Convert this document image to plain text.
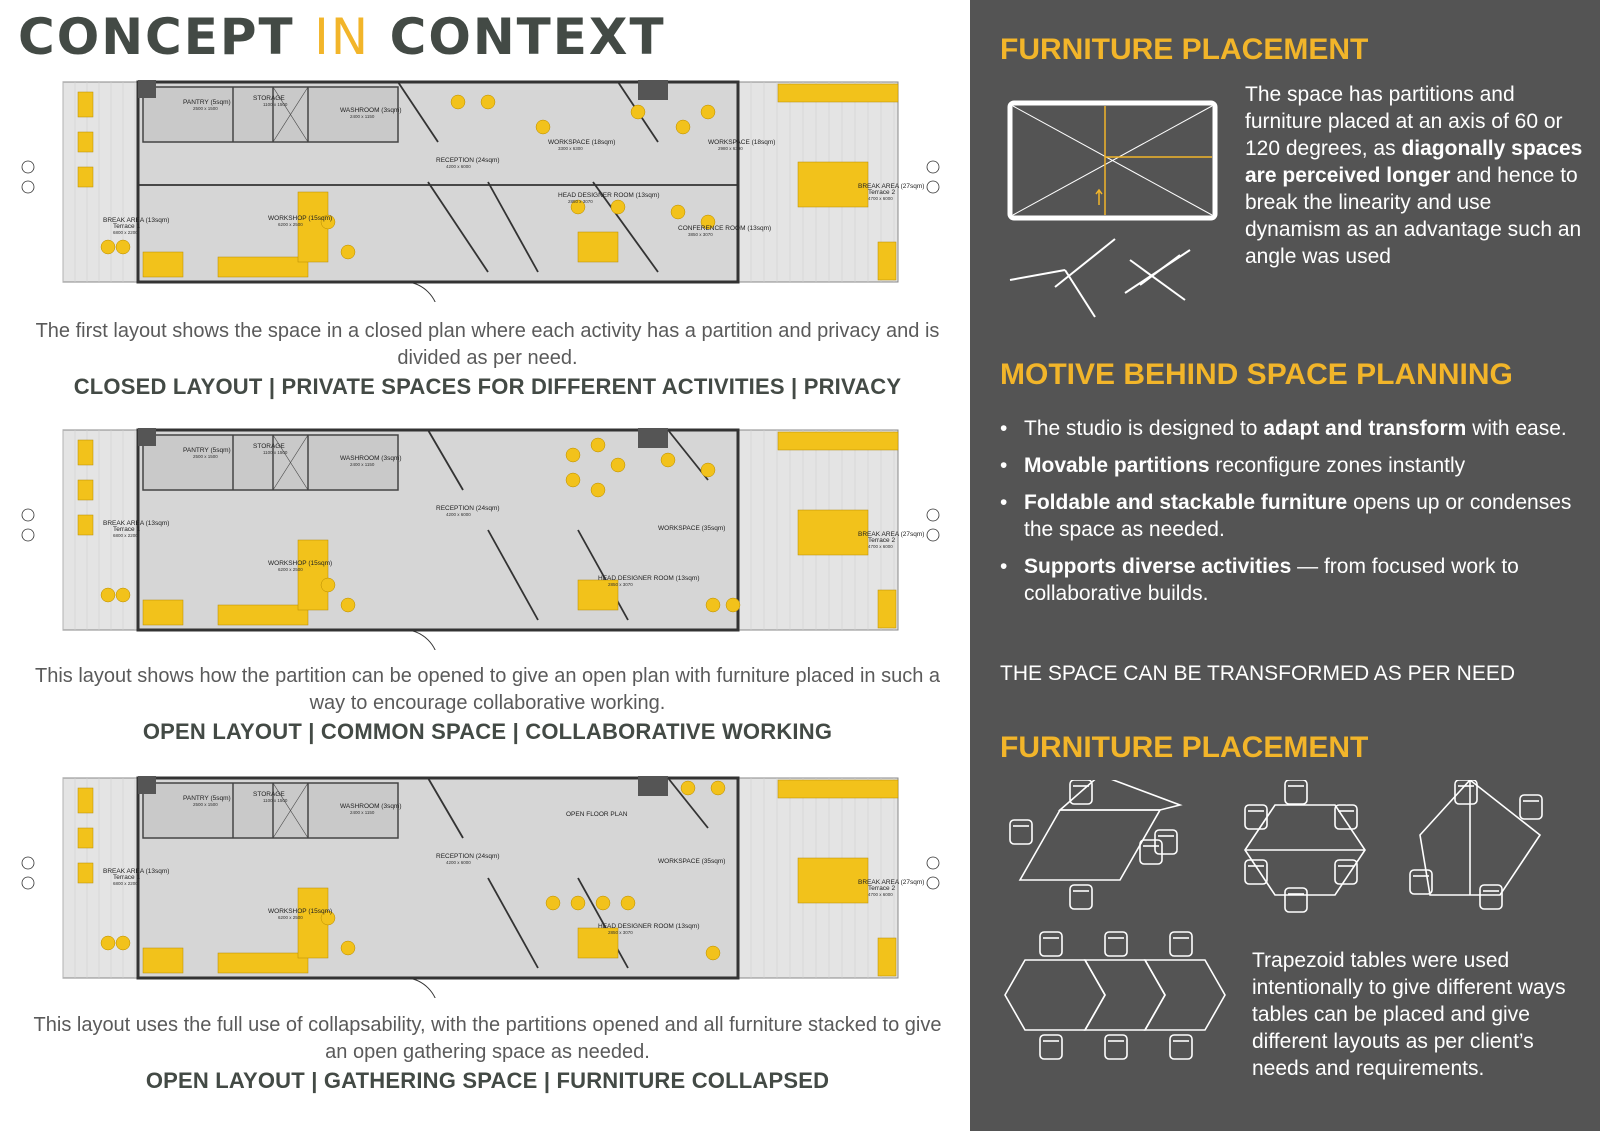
CONCEPT IN CONTEXT
PANTRY (5sqm)
2500 x 1500
STORAGE
1100 x 1500
WASHROOM (3sqm)
2400 x 1150
RECEPTION (24sqm)
4200 x 6000
WORKSPACE (18sqm)
3300 x 6300
WORKSPACE (18sqm)
2980 x 6300
HEAD DESIGNER ROOM (13sqm)
2850 x 3070
CONFERENCE ROOM (13sqm)
3850 x 3070
WORKSHOP (15sqm)
6200 x 2500
BREAK AREA (13sqm)
Terrace 1
6800 x 2200
BREAK AREA (27sqm)
Terrace 2
4700 x 6000

The first layout shows the space in a closed plan where each activity has a partition and privacy and is divided as per need.

CLOSED LAYOUT | PRIVATE SPACES FOR DIFFERENT ACTIVITIES | PRIVACY

PANTRY (5sqm)
2500 x 1500
STORAGE
1100 x 1500
WASHROOM (3sqm)
2400 x 1150
RECEPTION (24sqm)
4200 x 6000
WORKSPACE (35sqm)
HEAD DESIGNER ROOM (13sqm)
2850 x 3070
WORKSHOP (15sqm)
6200 x 2500
BREAK AREA (13sqm)
Terrace 1
6800 x 2200	BREAK AREA (27sqm)
Terrace 2
4700 x 6000

This layout shows how the partition can be opened to give an open plan with furniture placed in such a way to encourage collaborative working.

OPEN LAYOUT | COMMON SPACE | COLLABORATIVE WORKING

PANTRY (5sqm)
2500 x 1500
STORAGE
1100 x 1500
WASHROOM (3sqm)
2400 x 1150	OPEN FLOOR PLAN
RECEPTION (24sqm)
4200 x 6000	WORKSPACE (35sqm)
HEAD DESIGNER ROOM (13sqm)
2850 x 3070
WORKSHOP (15sqm)
6200 x 2500
BREAK AREA (13sqm)
Terrace 1
6800 x 2200	BREAK AREA (27sqm)
Terrace 2
4700 x 6000

This layout uses the full use of collapsability, with the partitions opened and all furniture stacked to give an open gathering space as needed.

OPEN LAYOUT | GATHERING SPACE | FURNITURE COLLAPSED

FURNITURE PLACEMENT

The space has partitions and furniture placed at an axis of 60 or 120 degrees, as diagonally spaces are perceived longer and hence to break the linearity and use dynamism as an advantage such an angle was used

MOTIVE BEHIND SPACE PLANNING
• The studio is designed to adapt and transform with ease.
• Movable partitions reconfigure zones instantly
• Foldable and stackable furniture opens up or condenses the space as needed.
• Supports diverse activities — from focused work to collaborative builds.

THE SPACE CAN BE TRANSFORMED AS PER NEED

FURNITURE PLACEMENT

Trapezoid tables were used intentionally to give different ways tables can be placed and give different layouts as per client’s needs and requirements.
